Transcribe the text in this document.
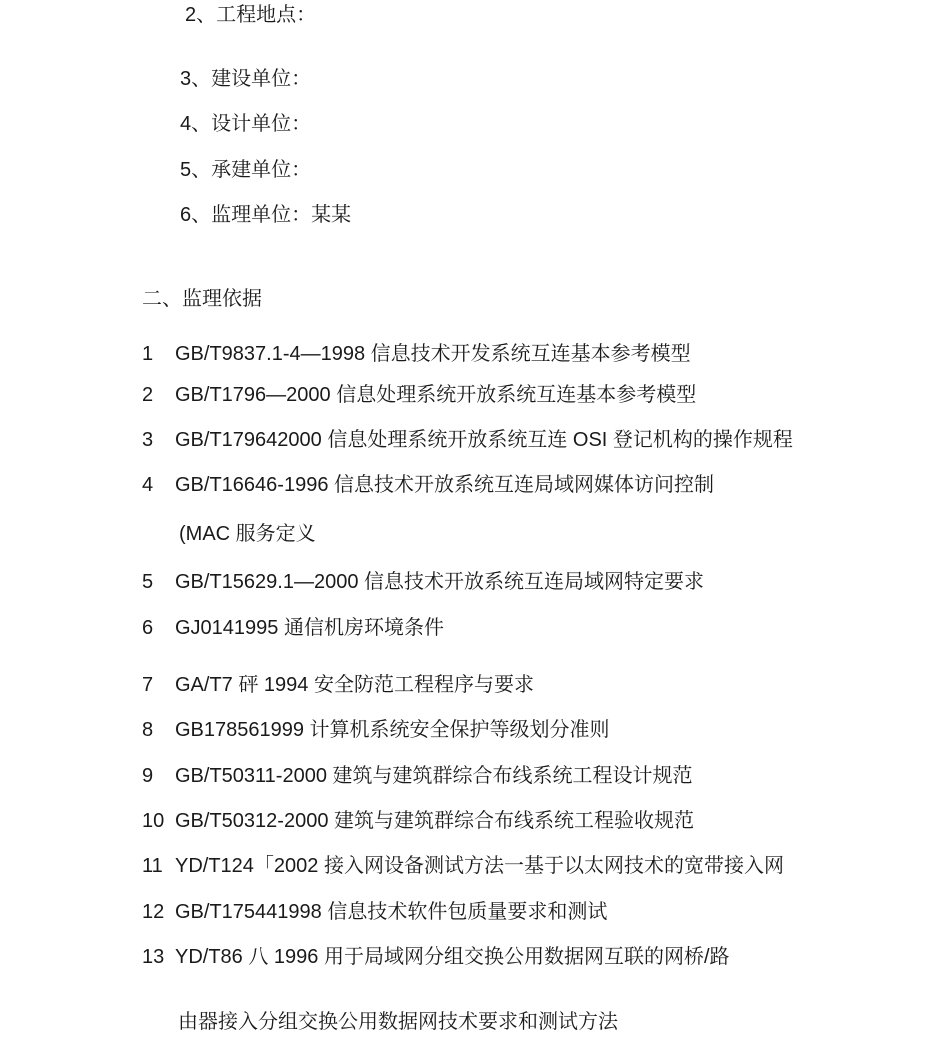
2、工程地点：
3、建设单位：
4、设计单位：
5、承建单位：
6、监理单位：某某
二、监理依据
1 GB/T9837.1-4—1998 信息技术开发系统互连基本参考模型
2 GB/T1796—2000 信息处理系统开放系统互连基本参考模型
3 GB/T179642000 信息处理系统开放系统互连 OSI 登记机构的操作规程
4 GB/T16646-1996 信息技术开放系统互连局域网媒体访问控制
(MAC 服务定义
5 GB/T15629.1—2000 信息技术开放系统互连局域网特定要求
6 GJ0141995 通信机房环境条件
7 GA/T7 砰 1994 安全防范工程程序与要求
8 GB178561999 计算机系统安全保护等级划分准则
9 GB/T50311-2000 建筑与建筑群综合布线系统工程设计规范
10 GB/T50312-2000 建筑与建筑群综合布线系统工程验收规范
11 YD/T124「2002 接入网设备测试方法一基于以太网技术的宽带接入网
12 GB/T175441998 信息技术软件包质量要求和测试
13 YD/T86 八 1996 用于局域网分组交换公用数据网互联的网桥/路
由器接入分组交换公用数据网技术要求和测试方法
